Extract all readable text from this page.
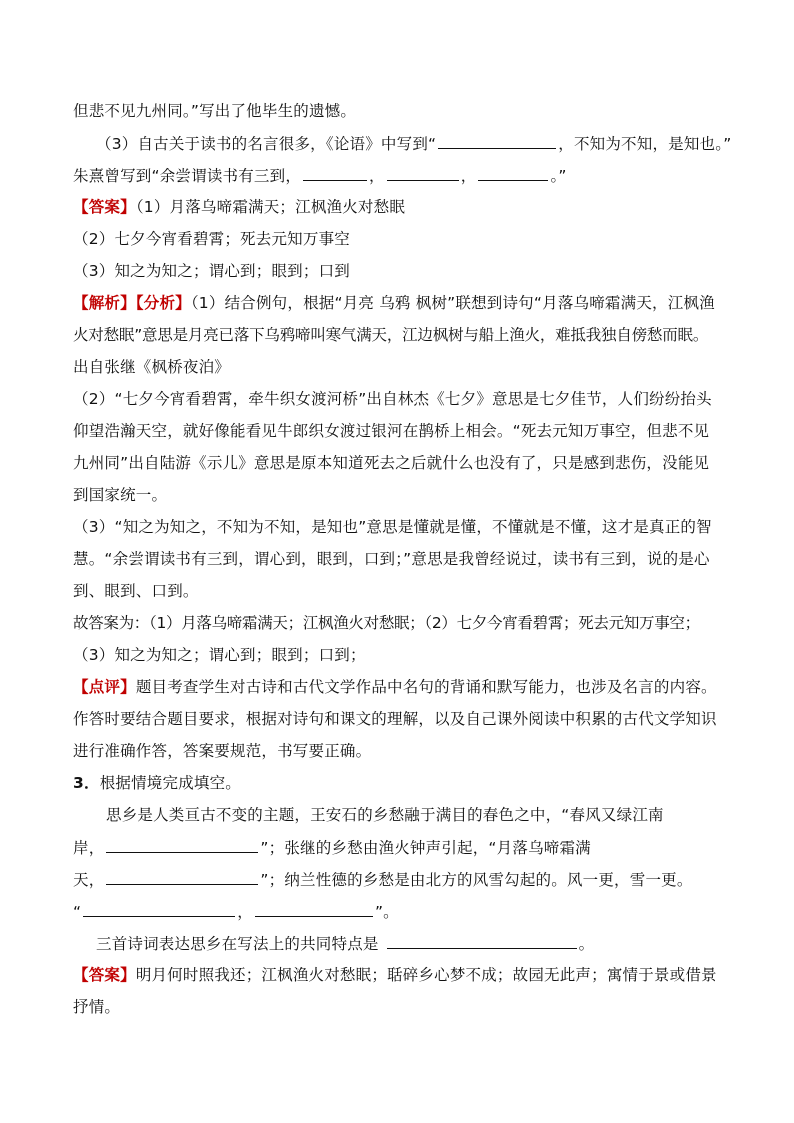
但悲不见九州同。”写出了他毕生的遗憾。
（3）自古关于读书的名言很多，《论语》中写到“	，不知为不知，是知也。”
朱熹曾写到“余尝谓读书有三到，	，	，	。”
【答案】（1）月落乌啼霜满天；江枫渔火对愁眠
（2）七夕今宵看碧霄；死去元知万事空
（3）知之为知之；谓心到；眼到；口到
【解析】【分析】（1）结合例句，根据“月亮 乌鸦 枫树”联想到诗句“月落乌啼霜满天，江枫渔
火对愁眠”意思是月亮已落下乌鸦啼叫寒气满天，江边枫树与船上渔火，难抵我独自傍愁而眠。
出自张继《枫桥夜泊》
（2）“七夕今宵看碧霄，牵牛织女渡河桥”出自林杰《七夕》意思是七夕佳节，人们纷纷抬头
仰望浩瀚天空，就好像能看见牛郎织女渡过银河在鹊桥上相会。“死去元知万事空，但悲不见
九州同”出自陆游《示儿》意思是原本知道死去之后就什么也没有了，只是感到悲伤，没能见
到国家统一。
（3）“知之为知之，不知为不知，是知也”意思是懂就是懂，不懂就是不懂，这才是真正的智
慧。“余尝谓读书有三到，谓心到，眼到，口到；”意思是我曾经说过，读书有三到，说的是心
到、眼到、口到。
故答案为：（1）月落乌啼霜满天；江枫渔火对愁眠；（2）七夕今宵看碧霄；死去元知万事空；
（3）知之为知之；谓心到；眼到；口到；
【点评】题目考查学生对古诗和古代文学作品中名句的背诵和默写能力，也涉及名言的内容。
作答时要结合题目要求，根据对诗句和课文的理解，以及自己课外阅读中积累的古代文学知识
进行准确作答，答案要规范，书写要正确。
3．根据情境完成填空。
思乡是人类亘古不变的主题，王安石的乡愁融于满目的春色之中，“春风又绿江南
岸，	”；张继的乡愁由渔火钟声引起，“月落乌啼霜满
天，	”；纳兰性德的乡愁是由北方的风雪勾起的。风一更，雪一更。
“	，	”。
三首诗词表达思乡在写法上的共同特点是	。
【答案】明月何时照我还；江枫渔火对愁眠；聒碎乡心梦不成；故园无此声；寓情于景或借景
抒情。
